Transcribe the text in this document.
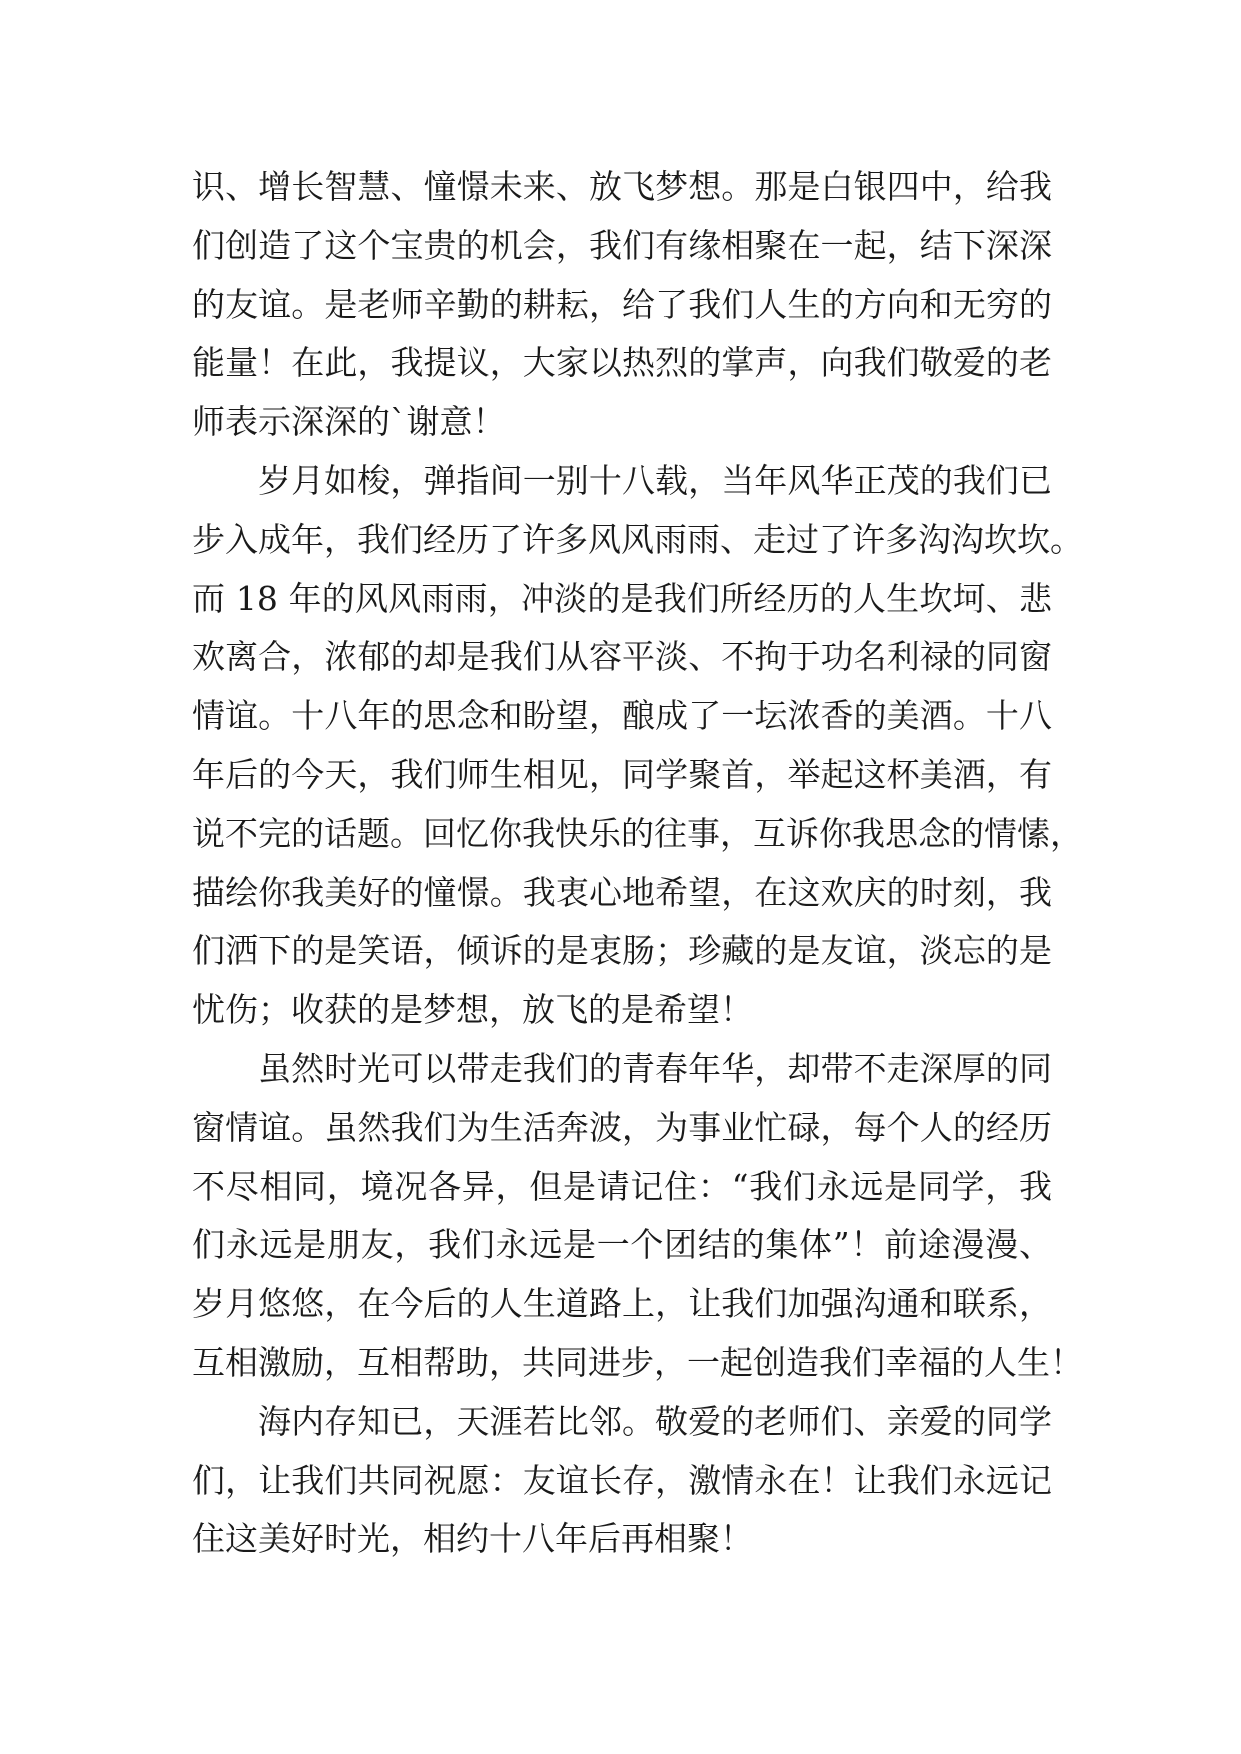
识、增长智慧、憧憬未来、放飞梦想。那是白银四中，给我
们创造了这个宝贵的机会，我们有缘相聚在一起，结下深深
的友谊。是老师辛勤的耕耘，给了我们人生的方向和无穷的
能量！在此，我提议，大家以热烈的掌声，向我们敬爱的老
师表示深深的`谢意！
岁月如梭，弹指间一别十八载，当年风华正茂的我们已
步入成年，我们经历了许多风风雨雨、走过了许多沟沟坎坎。
而 18 年的风风雨雨，冲淡的是我们所经历的人生坎坷、悲
欢离合，浓郁的却是我们从容平淡、不拘于功名利禄的同窗
情谊。十八年的思念和盼望，酿成了一坛浓香的美酒。十八
年后的今天，我们师生相见，同学聚首，举起这杯美酒，有
说不完的话题。回忆你我快乐的往事，互诉你我思念的情愫，
描绘你我美好的憧憬。我衷心地希望，在这欢庆的时刻，我
们洒下的是笑语，倾诉的是衷肠；珍藏的是友谊，淡忘的是
忧伤；收获的是梦想，放飞的是希望！
虽然时光可以带走我们的青春年华，却带不走深厚的同
窗情谊。虽然我们为生活奔波，为事业忙碌，每个人的经历
不尽相同，境况各异，但是请记住：“我们永远是同学，我
们永远是朋友，我们永远是一个团结的集体”！前途漫漫、
岁月悠悠，在今后的人生道路上，让我们加强沟通和联系，
互相激励，互相帮助，共同进步，一起创造我们幸福的人生！
海内存知已，天涯若比邻。敬爱的老师们、亲爱的同学
们，让我们共同祝愿：友谊长存，激情永在！让我们永远记
住这美好时光，相约十八年后再相聚！
